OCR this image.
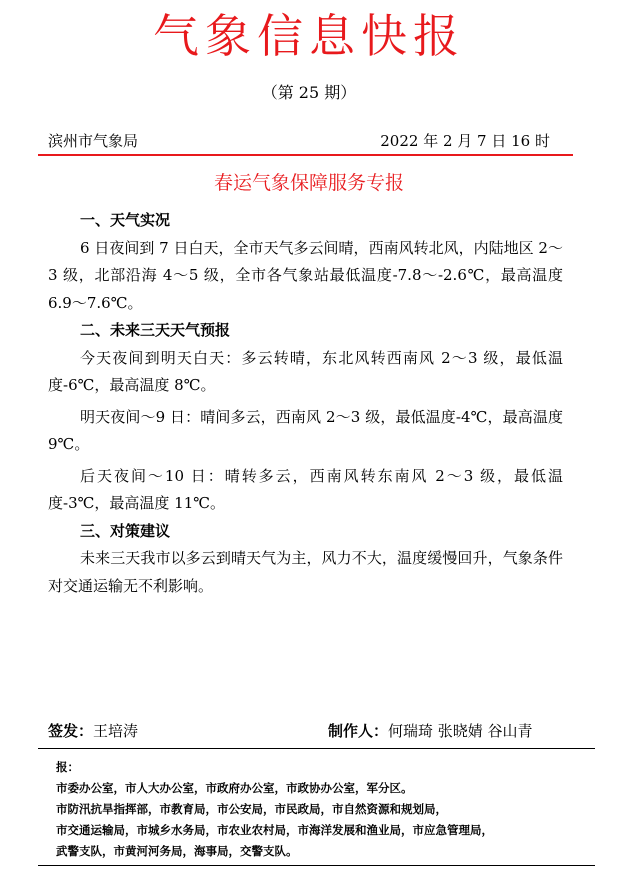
气象信息快报
（第 25 期）
滨州市气象局	2022 年 2 月 7 日 16 时
春运气象保障服务专报

一、天气实况

6 日夜间到 7 日白天，全市天气多云间晴，西南风转北风，内陆地区 2～3 级，北部沿海 4～5 级，全市各气象站最低温度-7.8～-2.6℃，最高温度 6.9～7.6℃。

二、未来三天天气预报

今天夜间到明天白天：多云转晴，东北风转西南风 2～3 级，最低温度-6℃，最高温度 8℃。

明天夜间～9 日：晴间多云，西南风 2～3 级，最低温度-4℃，最高温度 9℃。

后天夜间～10 日：晴转多云，西南风转东南风 2～3 级，最低温度-3℃，最高温度 11℃。

三、对策建议

未来三天我市以多云到晴天气为主，风力不大，温度缓慢回升，气象条件对交通运输无不利影响。

签发：王培涛	制作人：何瑞琦 张晓婧 谷山青
报：
市委办公室，市人大办公室，市政府办公室，市政协办公室，军分区。
市防汛抗旱指挥部，市教育局，市公安局，市民政局，市自然资源和规划局，
市交通运输局，市城乡水务局，市农业农村局，市海洋发展和渔业局，市应急管理局，
武警支队，市黄河河务局，海事局，交警支队。
